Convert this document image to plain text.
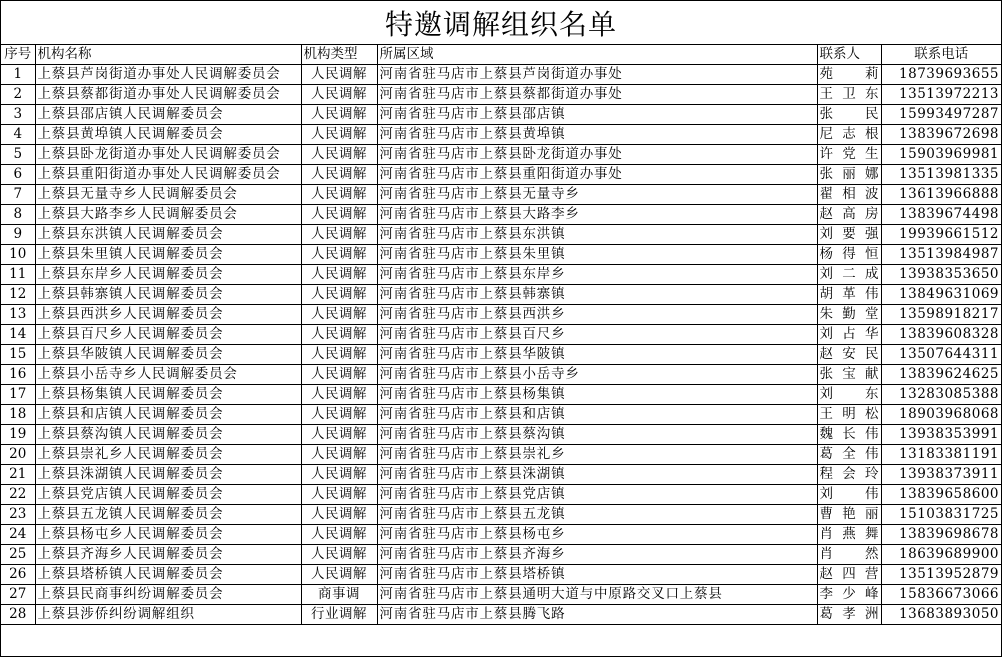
特邀调解组织名单
序号	机构名称	机构类型	所属区域	联系人	联系电话
1	上蔡县芦岗街道办事处人民调解委员会	人民调解	河南省驻马店市上蔡县芦岗街道办事处	苑 莉	18739693655
2	上蔡县蔡都街道办事处人民调解委员会	人民调解	河南省驻马店市上蔡县蔡都街道办事处	王卫东	13513972213
3	上蔡县邵店镇人民调解委员会	人民调解	河南省驻马店市上蔡县邵店镇	张 民	15993497287
4	上蔡县黄埠镇人民调解委员会	人民调解	河南省驻马店市上蔡县黄埠镇	尼志根	13839672698
5	上蔡县卧龙街道办事处人民调解委员会	人民调解	河南省驻马店市上蔡县卧龙街道办事处	许党生	15903969981
6	上蔡县重阳街道办事处人民调解委员会	人民调解	河南省驻马店市上蔡县重阳街道办事处	张丽娜	13513981335
7	上蔡县无量寺乡人民调解委员会	人民调解	河南省驻马店市上蔡县无量寺乡	翟相波	13613966888
8	上蔡县大路李乡人民调解委员会	人民调解	河南省驻马店市上蔡县大路李乡	赵高房	13839674498
9	上蔡县东洪镇人民调解委员会	人民调解	河南省驻马店市上蔡县东洪镇	刘要强	19939661512
10	上蔡县朱里镇人民调解委员会	人民调解	河南省驻马店市上蔡县朱里镇	杨得恒	13513984987
11	上蔡县东岸乡人民调解委员会	人民调解	河南省驻马店市上蔡县东岸乡	刘二成	13938353650
12	上蔡县韩寨镇人民调解委员会	人民调解	河南省驻马店市上蔡县韩寨镇	胡革伟	13849631069
13	上蔡县西洪乡人民调解委员会	人民调解	河南省驻马店市上蔡县西洪乡	朱勤堂	13598918217
14	上蔡县百尺乡人民调解委员会	人民调解	河南省驻马店市上蔡县百尺乡	刘占华	13839608328
15	上蔡县华陂镇人民调解委员会	人民调解	河南省驻马店市上蔡县华陂镇	赵安民	13507644311
16	上蔡县小岳寺乡人民调解委员会	人民调解	河南省驻马店市上蔡县小岳寺乡	张宝献	13839624625
17	上蔡县杨集镇人民调解委员会	人民调解	河南省驻马店市上蔡县杨集镇	刘 东	13283085388
18	上蔡县和店镇人民调解委员会	人民调解	河南省驻马店市上蔡县和店镇	王明松	18903968068
19	上蔡县蔡沟镇人民调解委员会	人民调解	河南省驻马店市上蔡县蔡沟镇	魏长伟	13938353991
20	上蔡县崇礼乡人民调解委员会	人民调解	河南省驻马店市上蔡县崇礼乡	葛全伟	13183381191
21	上蔡县洙湖镇人民调解委员会	人民调解	河南省驻马店市上蔡县洙湖镇	程会玲	13938373911
22	上蔡县党店镇人民调解委员会	人民调解	河南省驻马店市上蔡县党店镇	刘 伟	13839658600
23	上蔡县五龙镇人民调解委员会	人民调解	河南省驻马店市上蔡县五龙镇	曹艳丽	15103831725
24	上蔡县杨屯乡人民调解委员会	人民调解	河南省驻马店市上蔡县杨屯乡	肖燕舞	13839698678
25	上蔡县齐海乡人民调解委员会	人民调解	河南省驻马店市上蔡县齐海乡	肖 然	18639689900
26	上蔡县塔桥镇人民调解委员会	人民调解	河南省驻马店市上蔡县塔桥镇	赵四营	13513952879
27	上蔡县民商事纠纷调解委员会	商事调	河南省驻马店市上蔡县通明大道与中原路交叉口上蔡县	李少峰	15836673066
28	上蔡县涉侨纠纷调解组织	行业调解	河南省驻马店市上蔡县腾飞路	葛孝洲	13683893050
